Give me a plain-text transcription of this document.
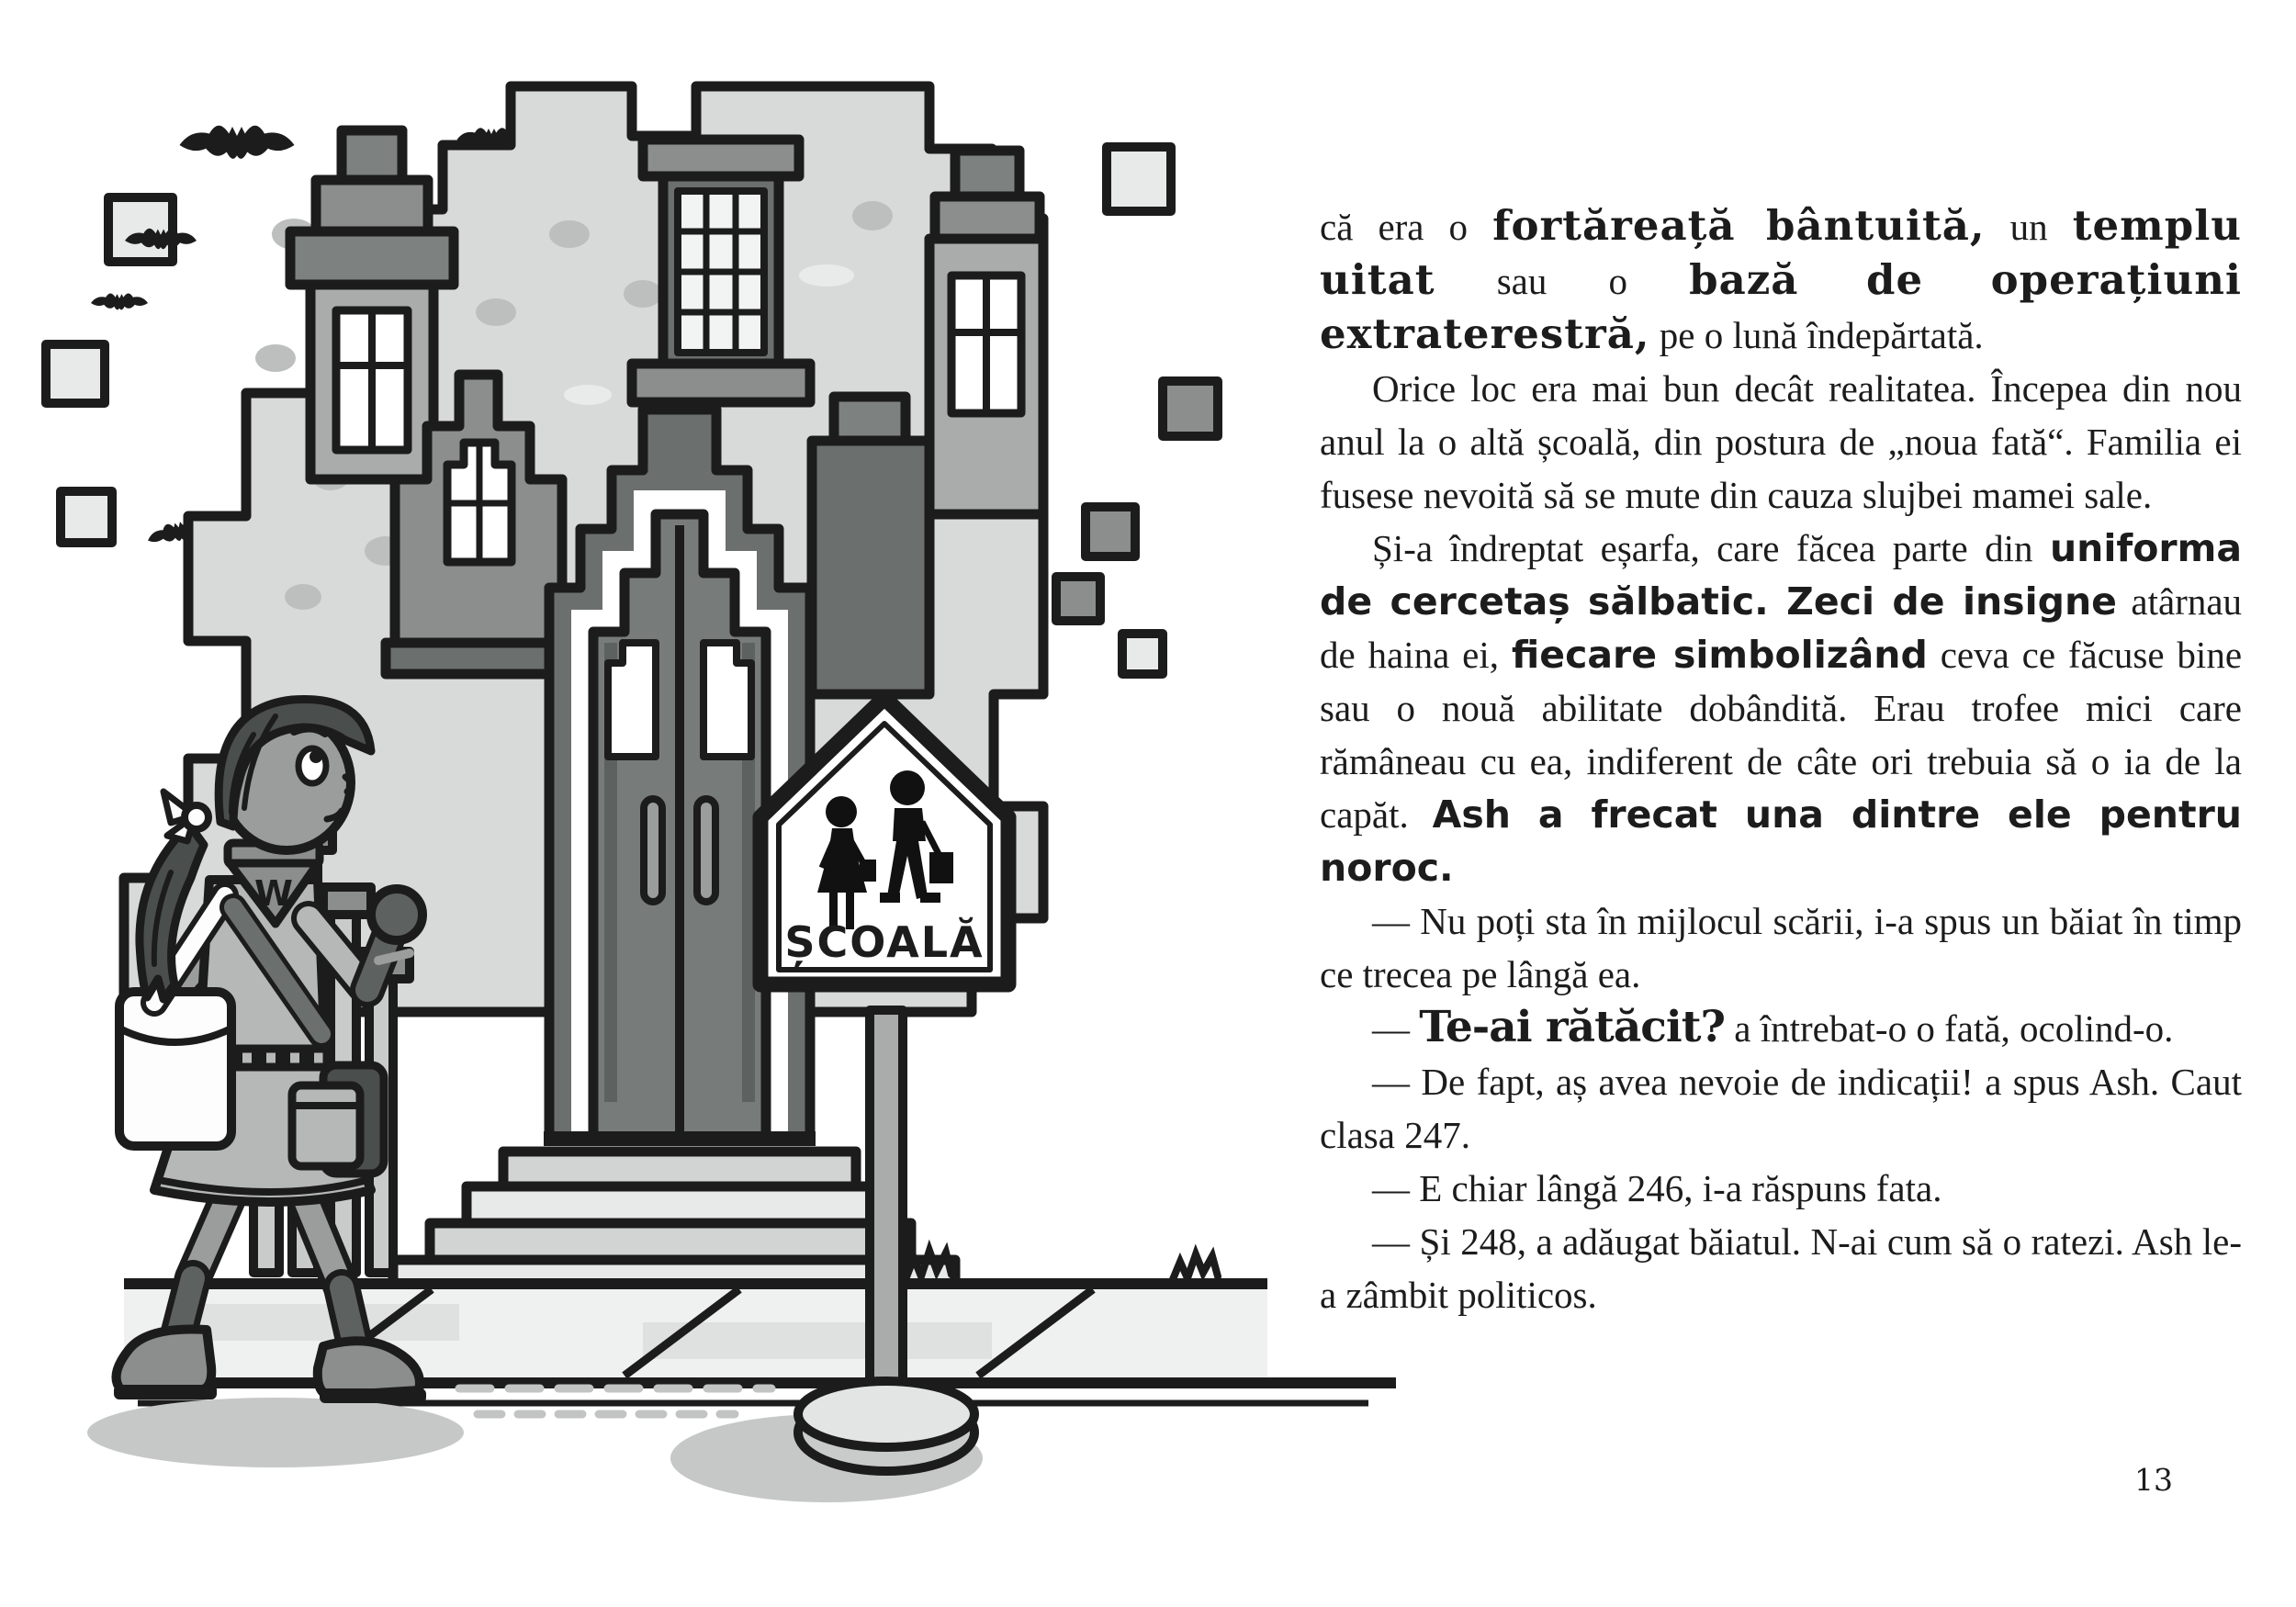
ȘCOALĂ
W

că era o fortăreață bântuită, un templu uitat sau o bază de operațiuni extraterestră, pe o lună îndepărtată.

Orice loc era mai bun decât realitatea. Începea din nou anul la o altă școală, din postura de „noua fată“. Familia ei fusese nevoită să se mute din cauza slujbei mamei sale.

Și-a îndreptat eșarfa, care făcea parte din uniforma de cercetaș sălbatic. Zeci de insigne atârnau de haina ei, fiecare simbolizând ceva ce făcuse bine sau o nouă abilitate dobândită. Erau trofee mici care rămâneau cu ea, indiferent de câte ori trebuia să o ia de la capăt. Ash a frecat una dintre ele pentru noroc.

— Nu poți sta în mijlocul scării, i-a spus un băiat în timp ce trecea pe lângă ea.

— Te-ai rătăcit? a întrebat-o o fată, ocolind-o.

— De fapt, aș avea nevoie de indicații! a spus Ash. Caut clasa 247.

— E chiar lângă 246, i-a răspuns fata.

— Și 248, a adăugat băiatul. N-ai cum să o ratezi. Ash le-a zâmbit politicos.

13
